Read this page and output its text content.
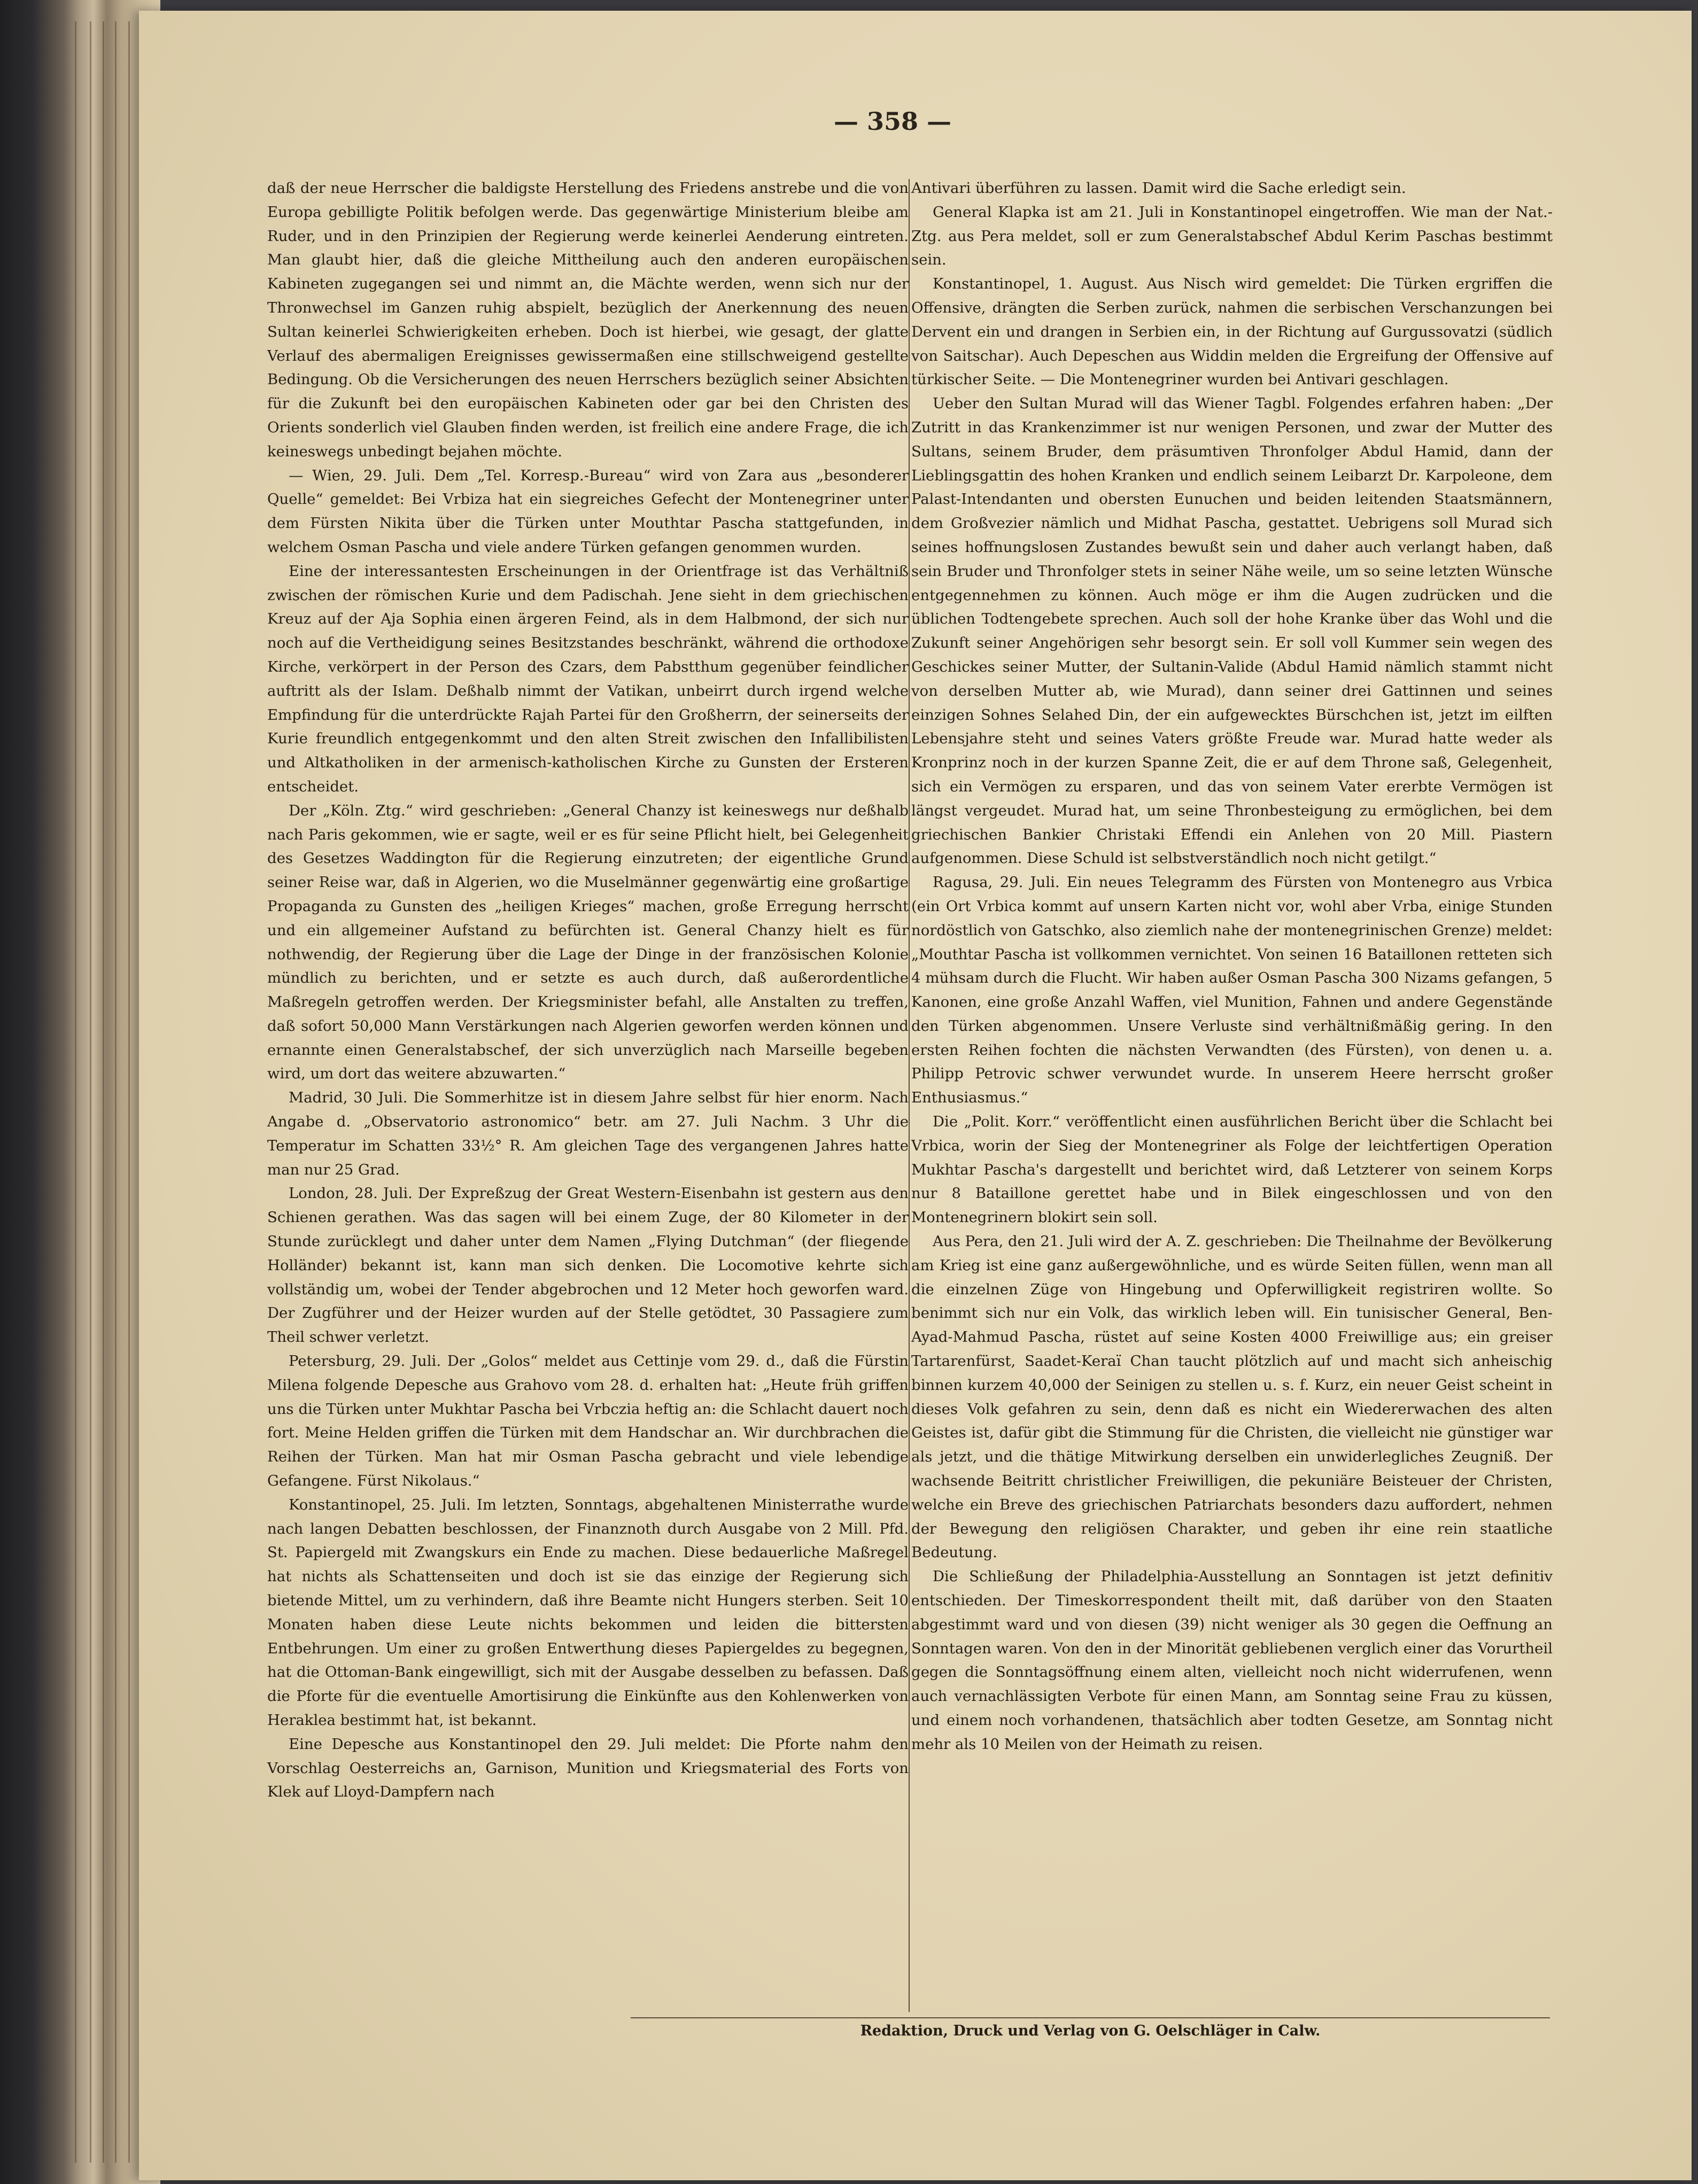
— 358 —

daß der neue Herrscher die baldigste Herstellung des Friedens anstrebe und die von Europa gebilligte Politik befolgen werde. Das gegenwärtige Ministerium bleibe am Ruder, und in den Prinzipien der Regierung werde keinerlei Aenderung eintreten. Man glaubt hier, daß die gleiche Mittheilung auch den anderen europäischen Kabineten zugegangen sei und nimmt an, die Mächte werden, wenn sich nur der Thronwechsel im Ganzen ruhig abspielt, bezüglich der Anerkennung des neuen Sultan keinerlei Schwierigkeiten erheben. Doch ist hierbei, wie gesagt, der glatte Verlauf des abermaligen Ereignisses gewissermaßen eine stillschweigend gestellte Bedingung. Ob die Versicherungen des neuen Herrschers bezüglich seiner Absichten für die Zukunft bei den europäischen Kabineten oder gar bei den Christen des Orients sonderlich viel Glauben finden werden, ist freilich eine andere Frage, die ich keineswegs unbedingt bejahen möchte.

— Wien, 29. Juli. Dem „Tel. Korresp.-Bureau“ wird von Zara aus „besonderer Quelle“ gemeldet: Bei Vrbiza hat ein siegreiches Gefecht der Montenegriner unter dem Fürsten Nikita über die Türken unter Mouthtar Pascha stattgefunden, in welchem Osman Pascha und viele andere Türken gefangen genommen wurden.

Eine der interessantesten Erscheinungen in der Orientfrage ist das Verhältniß zwischen der römischen Kurie und dem Padischah. Jene sieht in dem griechischen Kreuz auf der Aja Sophia einen ärgeren Feind, als in dem Halbmond, der sich nur noch auf die Vertheidigung seines Besitzstandes beschränkt, während die orthodoxe Kirche, verkörpert in der Person des Czars, dem Pabstthum gegenüber feindlicher auftritt als der Islam. Deßhalb nimmt der Vatikan, unbeirrt durch irgend welche Empfindung für die unterdrückte Rajah Partei für den Großherrn, der seinerseits der Kurie freundlich entgegenkommt und den alten Streit zwischen den Infallibilisten und Altkatholiken in der armenisch-katholischen Kirche zu Gunsten der Ersteren entscheidet.

Der „Köln. Ztg.“ wird geschrieben: „General Chanzy ist keineswegs nur deßhalb nach Paris gekommen, wie er sagte, weil er es für seine Pflicht hielt, bei Gelegenheit des Gesetzes Waddington für die Regierung einzutreten; der eigentliche Grund seiner Reise war, daß in Algerien, wo die Muselmänner gegenwärtig eine großartige Propaganda zu Gunsten des „heiligen Krieges“ machen, große Erregung herrscht und ein allgemeiner Aufstand zu befürchten ist. General Chanzy hielt es für nothwendig, der Regierung über die Lage der Dinge in der französischen Kolonie mündlich zu berichten, und er setzte es auch durch, daß außerordentliche Maßregeln getroffen werden. Der Kriegsminister befahl, alle Anstalten zu treffen, daß sofort 50,000 Mann Verstärkungen nach Algerien geworfen werden können und ernannte einen Generalstabschef, der sich unverzüglich nach Marseille begeben wird, um dort das weitere abzuwarten.“

Madrid, 30 Juli. Die Sommerhitze ist in diesem Jahre selbst für hier enorm. Nach Angabe d. „Observatorio astronomico“ betr. am 27. Juli Nachm. 3 Uhr die Temperatur im Schatten 33½° R. Am gleichen Tage des vergangenen Jahres hatte man nur 25 Grad.

London, 28. Juli. Der Expreßzug der Great Western-Eisenbahn ist gestern aus den Schienen gerathen. Was das sagen will bei einem Zuge, der 80 Kilometer in der Stunde zurücklegt und daher unter dem Namen „Flying Dutchman“ (der fliegende Holländer) bekannt ist, kann man sich denken. Die Locomotive kehrte sich vollständig um, wobei der Tender abgebrochen und 12 Meter hoch geworfen ward. Der Zugführer und der Heizer wurden auf der Stelle getödtet, 30 Passagiere zum Theil schwer verletzt.

Petersburg, 29. Juli. Der „Golos“ meldet aus Cettinje vom 29. d., daß die Fürstin Milena folgende Depesche aus Grahovo vom 28. d. erhalten hat: „Heute früh griffen uns die Türken unter Mukhtar Pascha bei Vrbczia heftig an: die Schlacht dauert noch fort. Meine Helden griffen die Türken mit dem Handschar an. Wir durchbrachen die Reihen der Türken. Man hat mir Osman Pascha gebracht und viele lebendige Gefangene. Fürst Nikolaus.“

Konstantinopel, 25. Juli. Im letzten, Sonntags, abgehaltenen Ministerrathe wurde nach langen Debatten beschlossen, der Finanznoth durch Ausgabe von 2 Mill. Pfd. St. Papiergeld mit Zwangskurs ein Ende zu machen. Diese bedauerliche Maßregel hat nichts als Schattenseiten und doch ist sie das einzige der Regierung sich bietende Mittel, um zu verhindern, daß ihre Beamte nicht Hungers sterben. Seit 10 Monaten haben diese Leute nichts bekommen und leiden die bittersten Entbehrungen. Um einer zu großen Entwerthung dieses Papiergeldes zu begegnen, hat die Ottoman-Bank eingewilligt, sich mit der Ausgabe desselben zu befassen. Daß die Pforte für die eventuelle Amortisirung die Einkünfte aus den Kohlenwerken von Heraklea bestimmt hat, ist bekannt.

Eine Depesche aus Konstantinopel den 29. Juli meldet: Die Pforte nahm den Vorschlag Oesterreichs an, Garnison, Munition und Kriegsmaterial des Forts von Klek auf Lloyd-Dampfern nach

Antivari überführen zu lassen. Damit wird die Sache erledigt sein.

General Klapka ist am 21. Juli in Konstantinopel eingetroffen. Wie man der Nat.-Ztg. aus Pera meldet, soll er zum Generalstabschef Abdul Kerim Paschas bestimmt sein.

Konstantinopel, 1. August. Aus Nisch wird gemeldet: Die Türken ergriffen die Offensive, drängten die Serben zurück, nahmen die serbischen Verschanzungen bei Dervent ein und drangen in Serbien ein, in der Richtung auf Gurgussovatzi (südlich von Saitschar). Auch Depeschen aus Widdin melden die Ergreifung der Offensive auf türkischer Seite. — Die Montenegriner wurden bei Antivari geschlagen.

Ueber den Sultan Murad will das Wiener Tagbl. Folgendes erfahren haben: „Der Zutritt in das Krankenzimmer ist nur wenigen Personen, und zwar der Mutter des Sultans, seinem Bruder, dem präsumtiven Thronfolger Abdul Hamid, dann der Lieblingsgattin des hohen Kranken und endlich seinem Leibarzt Dr. Karpoleone, dem Palast-Intendanten und obersten Eunuchen und beiden leitenden Staatsmännern, dem Großvezier nämlich und Midhat Pascha, gestattet. Uebrigens soll Murad sich seines hoffnungslosen Zustandes bewußt sein und daher auch verlangt haben, daß sein Bruder und Thronfolger stets in seiner Nähe weile, um so seine letzten Wünsche entgegennehmen zu können. Auch möge er ihm die Augen zudrücken und die üblichen Todtengebete sprechen. Auch soll der hohe Kranke über das Wohl und die Zukunft seiner Angehörigen sehr besorgt sein. Er soll voll Kummer sein wegen des Geschickes seiner Mutter, der Sultanin-Valide (Abdul Hamid nämlich stammt nicht von derselben Mutter ab, wie Murad), dann seiner drei Gattinnen und seines einzigen Sohnes Selahed Din, der ein aufgewecktes Bürschchen ist, jetzt im eilften Lebensjahre steht und seines Vaters größte Freude war. Murad hatte weder als Kronprinz noch in der kurzen Spanne Zeit, die er auf dem Throne saß, Gelegenheit, sich ein Vermögen zu ersparen, und das von seinem Vater ererbte Vermögen ist längst vergeudet. Murad hat, um seine Thronbesteigung zu ermöglichen, bei dem griechischen Bankier Christaki Effendi ein Anlehen von 20 Mill. Piastern aufgenommen. Diese Schuld ist selbstverständlich noch nicht getilgt.“

Ragusa, 29. Juli. Ein neues Telegramm des Fürsten von Montenegro aus Vrbica (ein Ort Vrbica kommt auf unsern Karten nicht vor, wohl aber Vrba, einige Stunden nordöstlich von Gatschko, also ziemlich nahe der montenegrinischen Grenze) meldet: „Mouthtar Pascha ist vollkommen vernichtet. Von seinen 16 Bataillonen retteten sich 4 mühsam durch die Flucht. Wir haben außer Osman Pascha 300 Nizams gefangen, 5 Kanonen, eine große Anzahl Waffen, viel Munition, Fahnen und andere Gegenstände den Türken abgenommen. Unsere Verluste sind verhältnißmäßig gering. In den ersten Reihen fochten die nächsten Verwandten (des Fürsten), von denen u. a. Philipp Petrovic schwer verwundet wurde. In unserem Heere herrscht großer Enthusiasmus.“

Die „Polit. Korr.“ veröffentlicht einen ausführlichen Bericht über die Schlacht bei Vrbica, worin der Sieg der Montenegriner als Folge der leichtfertigen Operation Mukhtar Pascha's dargestellt und berichtet wird, daß Letzterer von seinem Korps nur 8 Bataillone gerettet habe und in Bilek eingeschlossen und von den Montenegrinern blokirt sein soll.

Aus Pera, den 21. Juli wird der A. Z. geschrieben: Die Theilnahme der Bevölkerung am Krieg ist eine ganz außergewöhnliche, und es würde Seiten füllen, wenn man all die einzelnen Züge von Hingebung und Opferwilligkeit registriren wollte. So benimmt sich nur ein Volk, das wirklich leben will. Ein tunisischer General, Ben-Ayad-Mahmud Pascha, rüstet auf seine Kosten 4000 Freiwillige aus; ein greiser Tartarenfürst, Saadet-Keraï Chan taucht plötzlich auf und macht sich anheischig binnen kurzem 40,000 der Seinigen zu stellen u. s. f. Kurz, ein neuer Geist scheint in dieses Volk gefahren zu sein, denn daß es nicht ein Wiedererwachen des alten Geistes ist, dafür gibt die Stimmung für die Christen, die vielleicht nie günstiger war als jetzt, und die thätige Mitwirkung derselben ein unwiderlegliches Zeugniß. Der wachsende Beitritt christlicher Freiwilligen, die pekuniäre Beisteuer der Christen, welche ein Breve des griechischen Patriarchats besonders dazu auffordert, nehmen der Bewegung den religiösen Charakter, und geben ihr eine rein staatliche Bedeutung.

Die Schließung der Philadelphia-Ausstellung an Sonntagen ist jetzt definitiv entschieden. Der Timeskorrespondent theilt mit, daß darüber von den Staaten abgestimmt ward und von diesen (39) nicht weniger als 30 gegen die Oeffnung an Sonntagen waren. Von den in der Minorität gebliebenen verglich einer das Vorurtheil gegen die Sonntagsöffnung einem alten, vielleicht noch nicht widerrufenen, wenn auch vernachlässigten Verbote für einen Mann, am Sonntag seine Frau zu küssen, und einem noch vorhandenen, thatsächlich aber todten Gesetze, am Sonntag nicht mehr als 10 Meilen von der Heimath zu reisen.

Redaktion, Druck und Verlag von G. Oelschläger in Calw.
